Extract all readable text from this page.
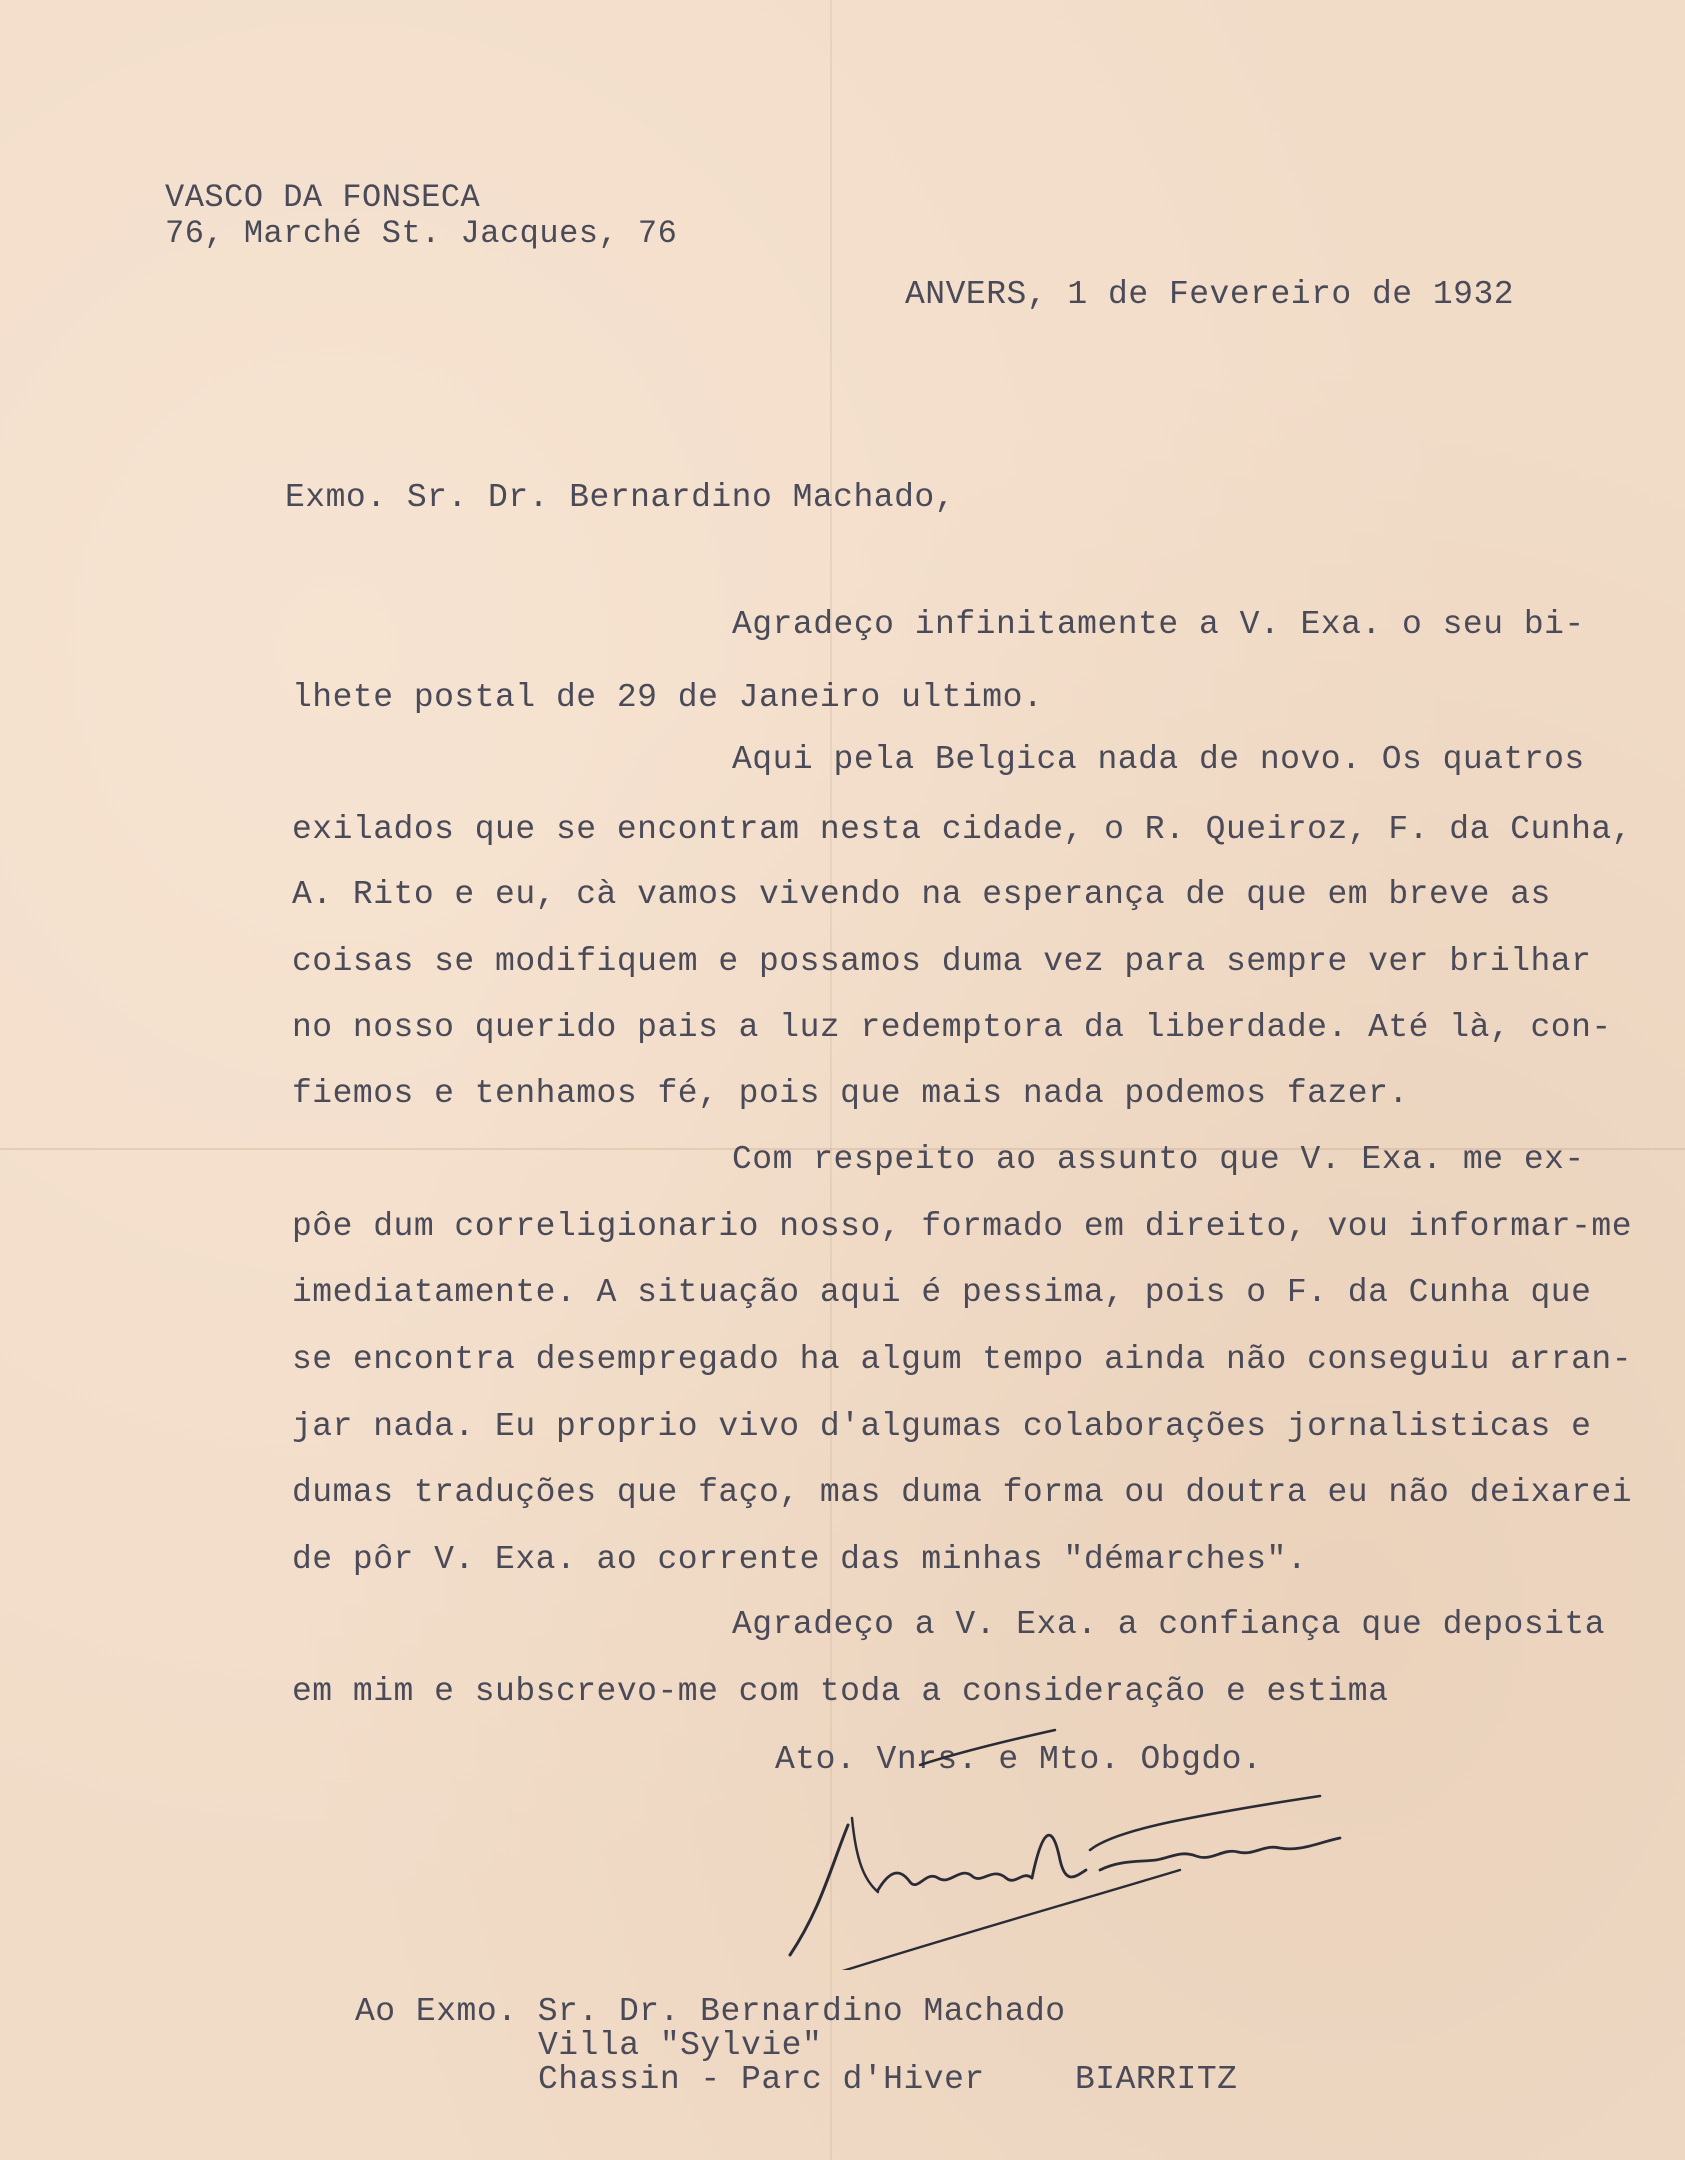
VASCO DA FONSECA
76, Marché St. Jacques, 76
ANVERS, 1 de Fevereiro de 1932
Exmo. Sr. Dr. Bernardino Machado,
Agradeço infinitamente a V. Exa. o seu bi-
lhete postal de 29 de Janeiro ultimo.
Aqui pela Belgica nada de novo. Os quatros
exilados que se encontram nesta cidade, o R. Queiroz, F. da Cunha,
A. Rito e eu, cà vamos vivendo na esperança de que em breve as
coisas se modifiquem e possamos duma vez para sempre ver brilhar
no nosso querido pais a luz redemptora da liberdade. Até là, con-
fiemos e tenhamos fé, pois que mais nada podemos fazer.
Com respeito ao assunto que V. Exa. me ex-
pôe dum correligionario nosso, formado em direito, vou informar-me
imediatamente. A situação aqui é pessima, pois o F. da Cunha que
se encontra desempregado ha algum tempo ainda não conseguiu arran-
jar nada. Eu proprio vivo d'algumas colaborações jornalisticas e
dumas traduções que faço, mas duma forma ou doutra eu não deixarei
de pôr V. Exa. ao corrente das minhas "démarches".
Agradeço a V. Exa. a confiança que deposita
em mim e subscrevo-me com toda a consideração e estima
Ato. Vnrs. e Mto. Obgdo.
Ao Exmo. Sr. Dr. Bernardino Machado
Villa "Sylvie"
Chassin - Parc d'Hiver	BIARRITZ
